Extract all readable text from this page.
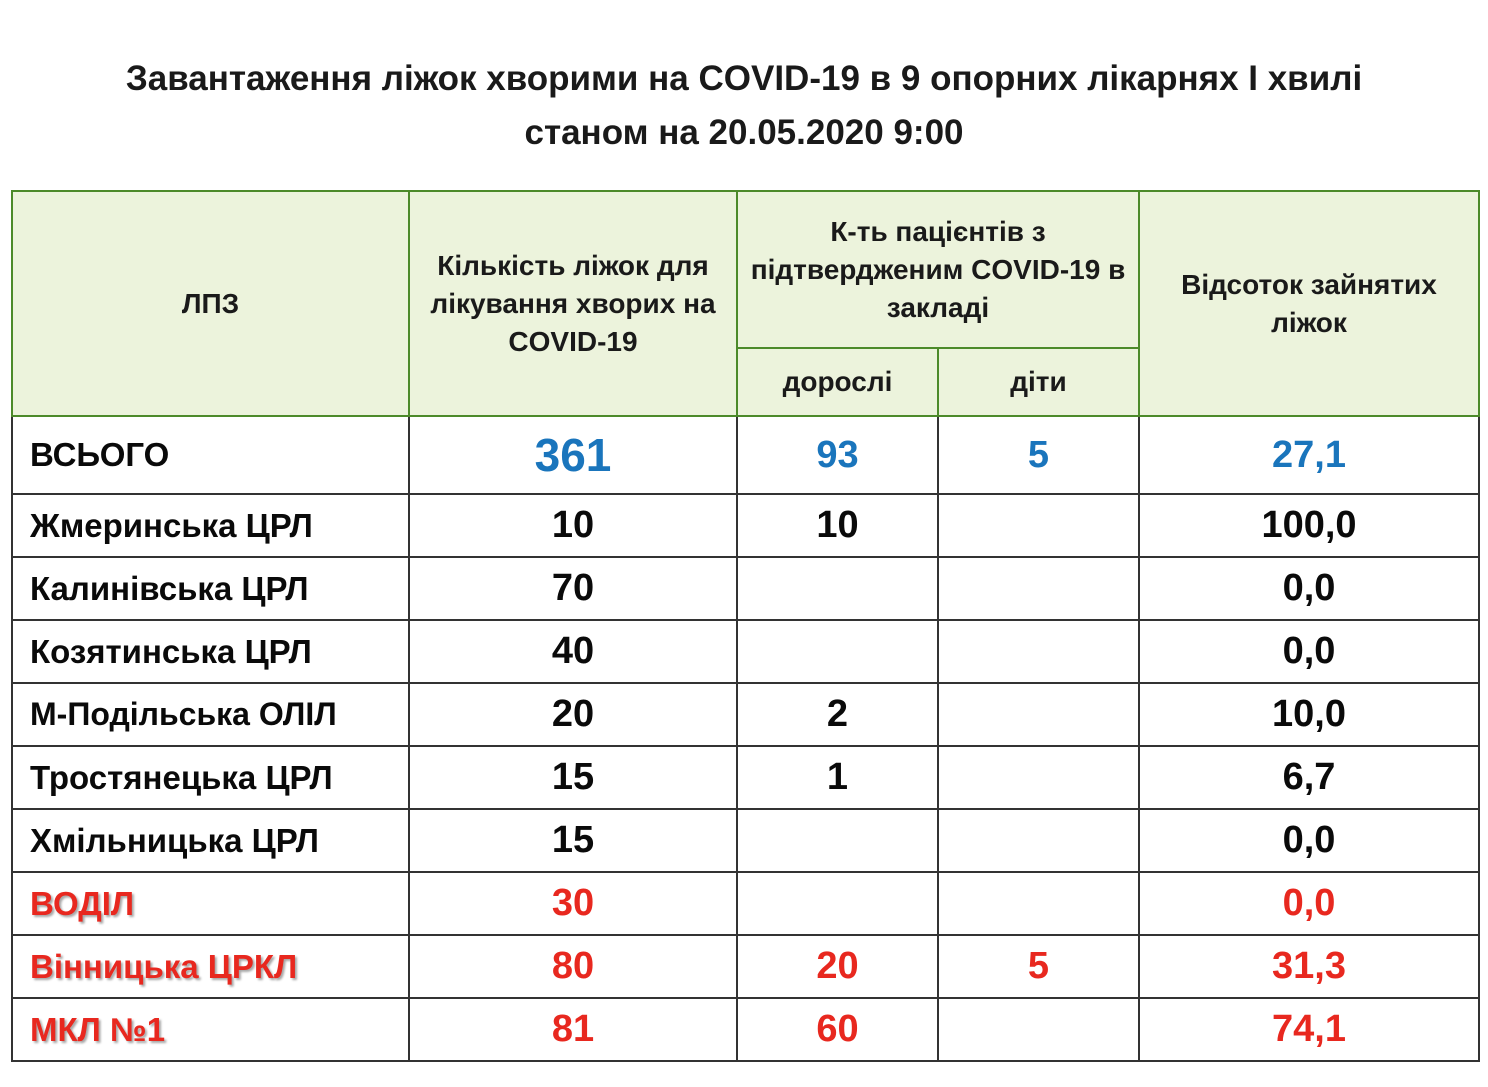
Завантаження ліжок хворими на COVID-19 в 9 опорних лікарнях І хвилі
станом на 20.05.2020 9:00
ЛПЗ	Кількість ліжок для лікування хворих на COVID-19	К-ть пацієнтів з підтвердженим COVID-19 в закладі		Відсоток зайнятих ліжок
		дорослі	діти	
ВСЬОГО	361	93	5	27,1
Жмеринська ЦРЛ	10	10		100,0
Калинівська ЦРЛ	70			0,0
Козятинська ЦРЛ	40			0,0
М-Подільська ОЛІЛ	20	2		10,0
Тростянецька ЦРЛ	15	1		6,7
Хмільницька ЦРЛ	15			0,0
ВОДІЛ	30			0,0
Вінницька ЦРКЛ	80	20	5	31,3
МКЛ №1	81	60		74,1
